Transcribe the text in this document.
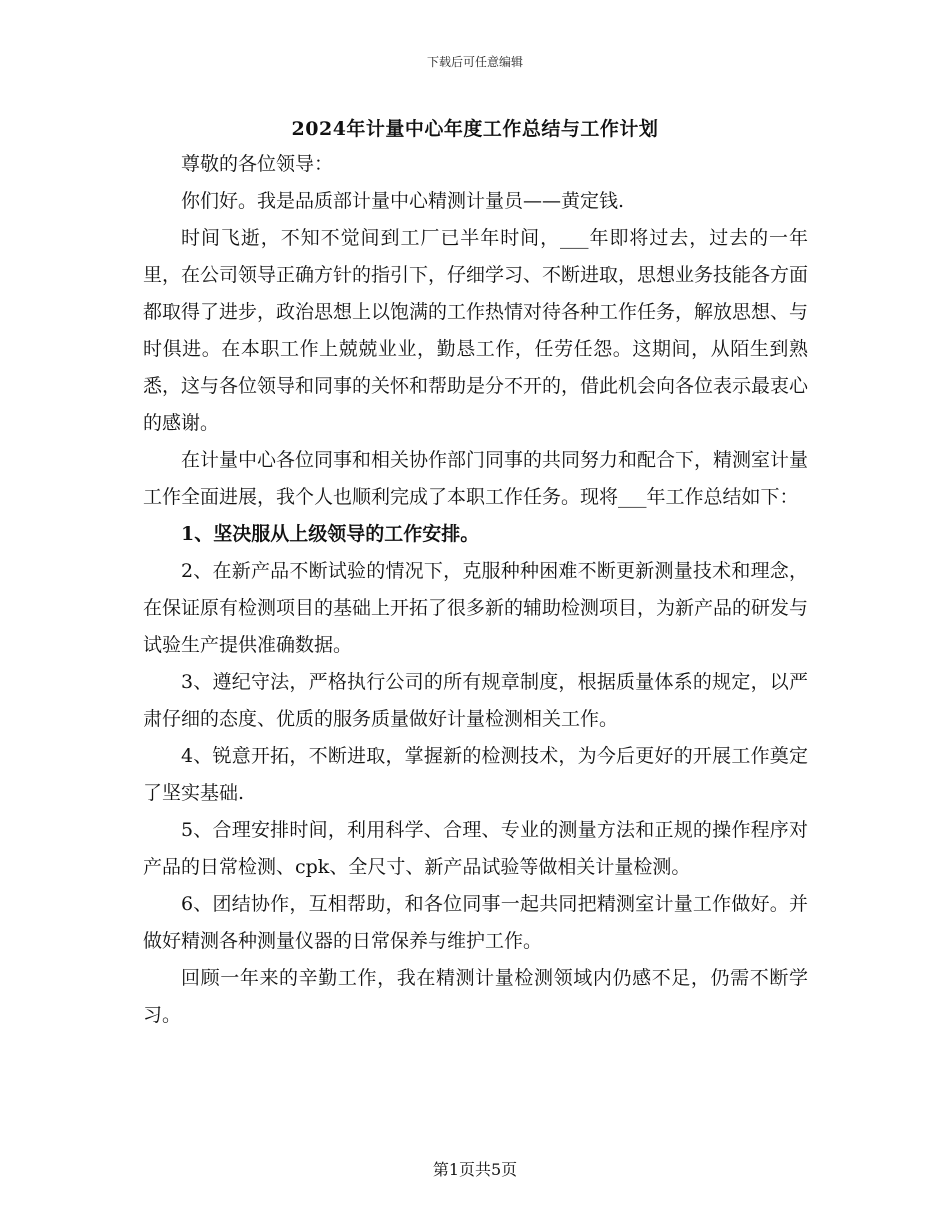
下载后可任意编辑
2024年计量中心年度工作总结与工作计划

尊敬的各位领导：

你们好。我是品质部计量中心精测计量员——黄定钱.

时间飞逝，不知不觉间到工厂已半年时间，___年即将过去，过去的一年里，在公司领导正确方针的指引下，仔细学习、不断进取，思想业务技能各方面都取得了进步，政治思想上以饱满的工作热情对待各种工作任务，解放思想、与时俱进。在本职工作上兢兢业业，勤恳工作，任劳任怨。这期间，从陌生到熟悉，这与各位领导和同事的关怀和帮助是分不开的，借此机会向各位表示最衷心的感谢。

在计量中心各位同事和相关协作部门同事的共同努力和配合下，精测室计量工作全面进展，我个人也顺利完成了本职工作任务。现将___年工作总结如下：

1、坚决服从上级领导的工作安排。

2、在新产品不断试验的情况下，克服种种困难不断更新测量技术和理念，在保证原有检测项目的基础上开拓了很多新的辅助检测项目，为新产品的研发与试验生产提供准确数据。

3、遵纪守法，严格执行公司的所有规章制度，根据质量体系的规定，以严肃仔细的态度、优质的服务质量做好计量检测相关工作。

4、锐意开拓，不断进取，掌握新的检测技术，为今后更好的开展工作奠定了坚实基础.

5、合理安排时间，利用科学、合理、专业的测量方法和正规的操作程序对产品的日常检测、cpk、全尺寸、新产品试验等做相关计量检测。

6、团结协作，互相帮助，和各位同事一起共同把精测室计量工作做好。并做好精测各种测量仪器的日常保养与维护工作。

回顾一年来的辛勤工作，我在精测计量检测领域内仍感不足，仍需不断学习。

第1页共5页
